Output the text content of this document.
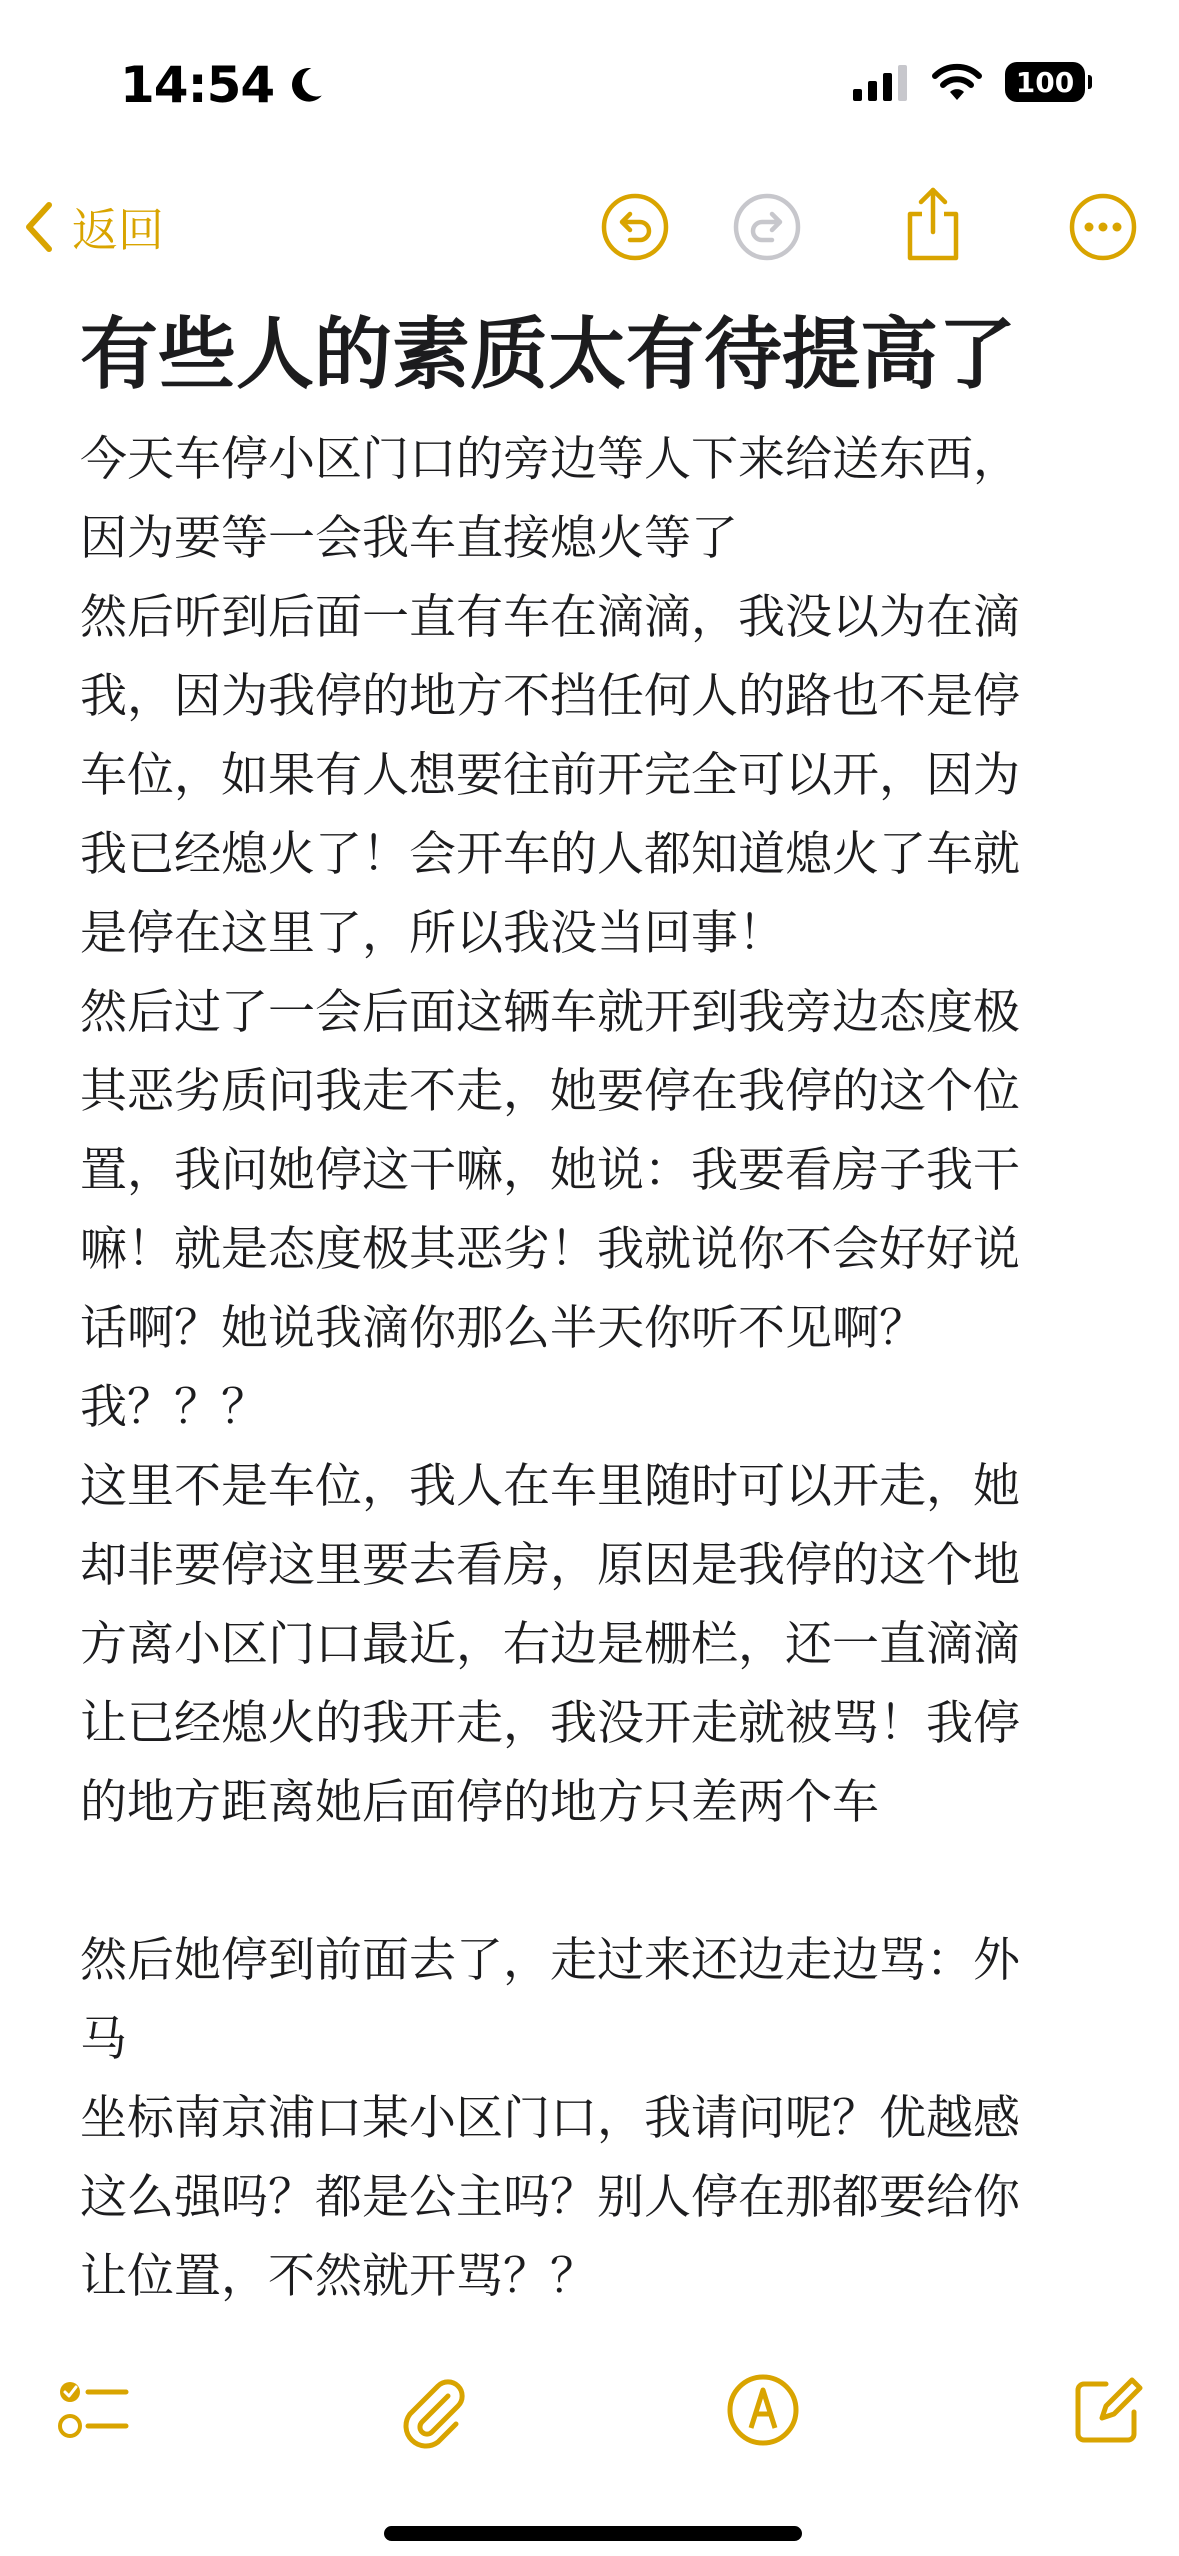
14:54	100
返回
有些人的素质太有待提高了
今天车停小区门口的旁边等人下来给送东西，
因为要等一会我车直接熄火等了
然后听到后面一直有车在滴滴，我没以为在滴
我，因为我停的地方不挡任何人的路也不是停
车位，如果有人想要往前开完全可以开，因为
我已经熄火了！会开车的人都知道熄火了车就
是停在这里了，所以我没当回事！
然后过了一会后面这辆车就开到我旁边态度极
其恶劣质问我走不走，她要停在我停的这个位
置，我问她停这干嘛，她说：我要看房子我干
嘛！就是态度极其恶劣！我就说你不会好好说
话啊？她说我滴你那么半天你听不见啊？
我？？？
这里不是车位，我人在车里随时可以开走，她
却非要停这里要去看房，原因是我停的这个地
方离小区门口最近，右边是栅栏，还一直滴滴
让已经熄火的我开走，我没开走就被骂！我停
的地方距离她后面停的地方只差两个车
然后她停到前面去了，走过来还边走边骂：外
马
坐标南京浦口某小区门口，我请问呢？优越感
这么强吗？都是公主吗？别人停在那都要给你
让位置，不然就开骂？？
